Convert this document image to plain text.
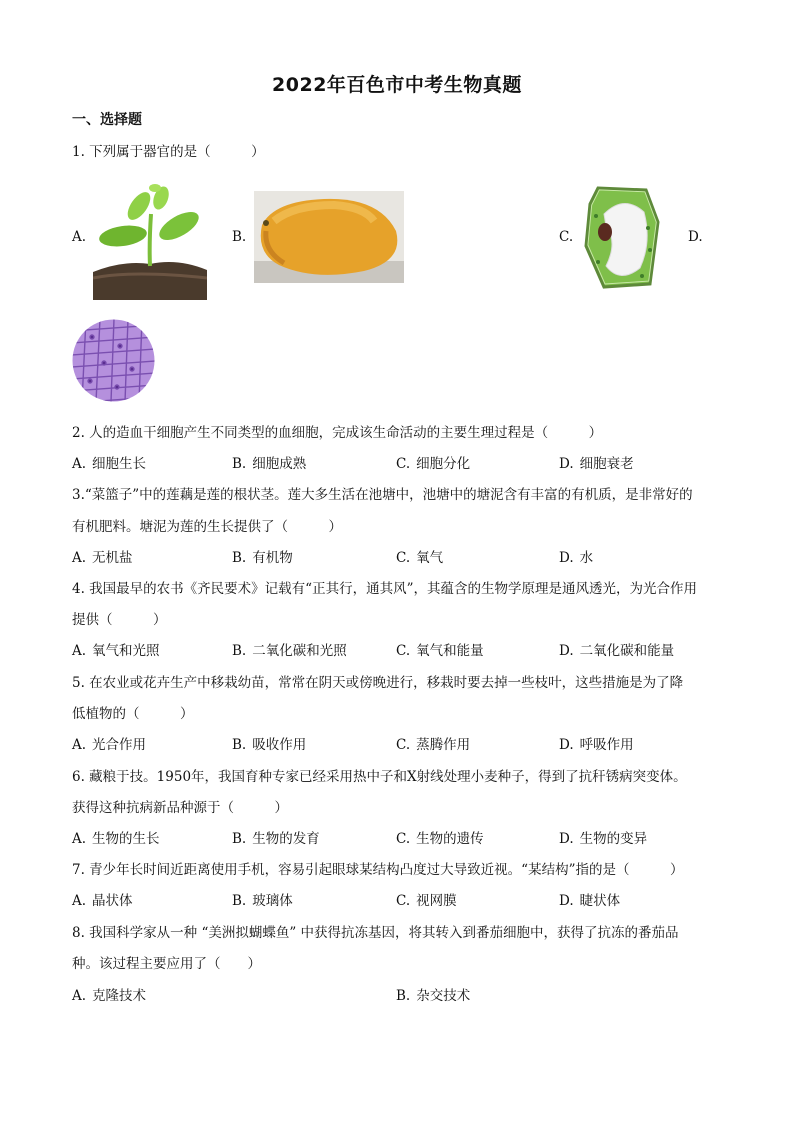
2022年百色市中考生物真题
一、选择题
1. 下列属于器官的是（　　　）
A.	B.	C.	D.
2. 人的造血干细胞产生不同类型的血细胞，完成该生命活动的主要生理过程是（　　　）
A. 细胞生长	B. 细胞成熟	C. 细胞分化	D. 细胞衰老
3.“菜篮子”中的莲藕是莲的根状茎。莲大多生活在池塘中，池塘中的塘泥含有丰富的有机质，是非常好的
有机肥料。塘泥为莲的生长提供了（　　　）
A. 无机盐	B. 有机物	C. 氧气	D. 水
4. 我国最早的农书《齐民要术》记载有“正其行，通其风”，其蕴含的生物学原理是通风透光，为光合作用
提供（　　　）
A. 氧气和光照	B. 二氧化碳和光照	C. 氧气和能量	D. 二氧化碳和能量
5. 在农业或花卉生产中移栽幼苗，常常在阴天或傍晚进行，移栽时要去掉一些枝叶，这些措施是为了降
低植物的（　　　）
A. 光合作用	B. 吸收作用	C. 蒸腾作用	D. 呼吸作用
6. 藏粮于技。1950年，我国育种专家已经采用热中子和X射线处理小麦种子，得到了抗秆锈病突变体。
获得这种抗病新品种源于（　　　）
A. 生物的生长	B. 生物的发育	C. 生物的遗传	D. 生物的变异
7. 青少年长时间近距离使用手机，容易引起眼球某结构凸度过大导致近视。“某结构”指的是（　　　）
A. 晶状体	B. 玻璃体	C. 视网膜	D. 睫状体
8. 我国科学家从一种 “美洲拟蝴蝶鱼” 中获得抗冻基因，将其转入到番茄细胞中，获得了抗冻的番茄品
种。该过程主要应用了（　　）
A. 克隆技术	B. 杂交技术
